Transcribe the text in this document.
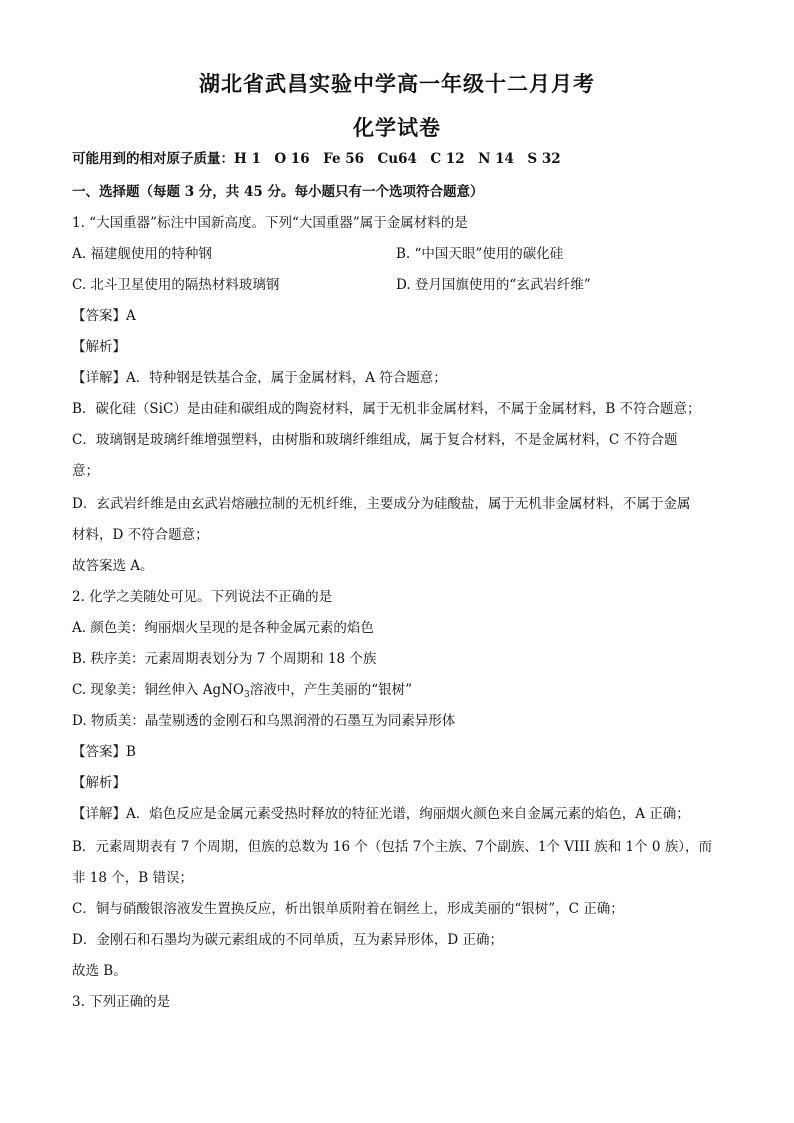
湖北省武昌实验中学高一年级十二月月考
化学试卷
可能用到的相对原子质量：H 1　O 16　Fe 56　Cu64　C 12　N 14　S 32
一、选择题（每题 3 分，共 45 分。每小题只有一个选项符合题意）
1. “大国重器”标注中国新高度。下列“大国重器”属于金属材料的是
A. 福建舰使用的特种钢	B. “中国天眼”使用的碳化硅
C. 北斗卫星使用的隔热材料玻璃钢	D. 登月国旗使用的“玄武岩纤维”
【答案】A
【解析】
【详解】A．特种钢是铁基合金，属于金属材料，A 符合题意；
B．碳化硅（SiC）是由硅和碳组成的陶瓷材料，属于无机非金属材料，不属于金属材料，B 不符合题意；
C．玻璃钢是玻璃纤维增强塑料，由树脂和玻璃纤维组成，属于复合材料，不是金属材料，C 不符合题
意；
D．玄武岩纤维是由玄武岩熔融拉制的无机纤维，主要成分为硅酸盐，属于无机非金属材料，不属于金属
材料，D 不符合题意；
故答案选 A。
2. 化学之美随处可见。下列说法不正确的是
A. 颜色美：绚丽烟火呈现的是各种金属元素的焰色
B. 秩序美：元素周期表划分为 7 个周期和 18 个族
C. 现象美：铜丝伸入 AgNO$_3$溶液中，产生美丽的“银树”
D. 物质美：晶莹剔透的金刚石和乌黑润滑的石墨互为同素异形体
【答案】B
【解析】
【详解】A．焰色反应是金属元素受热时释放的特征光谱，绚丽烟火颜色来自金属元素的焰色，A 正确；
B．元素周期表有 7 个周期，但族的总数为 16 个（包括 7个主族、7个副族、1个 VIII 族和 1个 0 族），而
非 18 个，B 错误；
C．铜与硝酸银溶液发生置换反应，析出银单质附着在铜丝上，形成美丽的“银树”，C 正确；
D．金刚石和石墨均为碳元素组成的不同单质，互为素异形体，D 正确；
故选 B。
3. 下列正确的是
